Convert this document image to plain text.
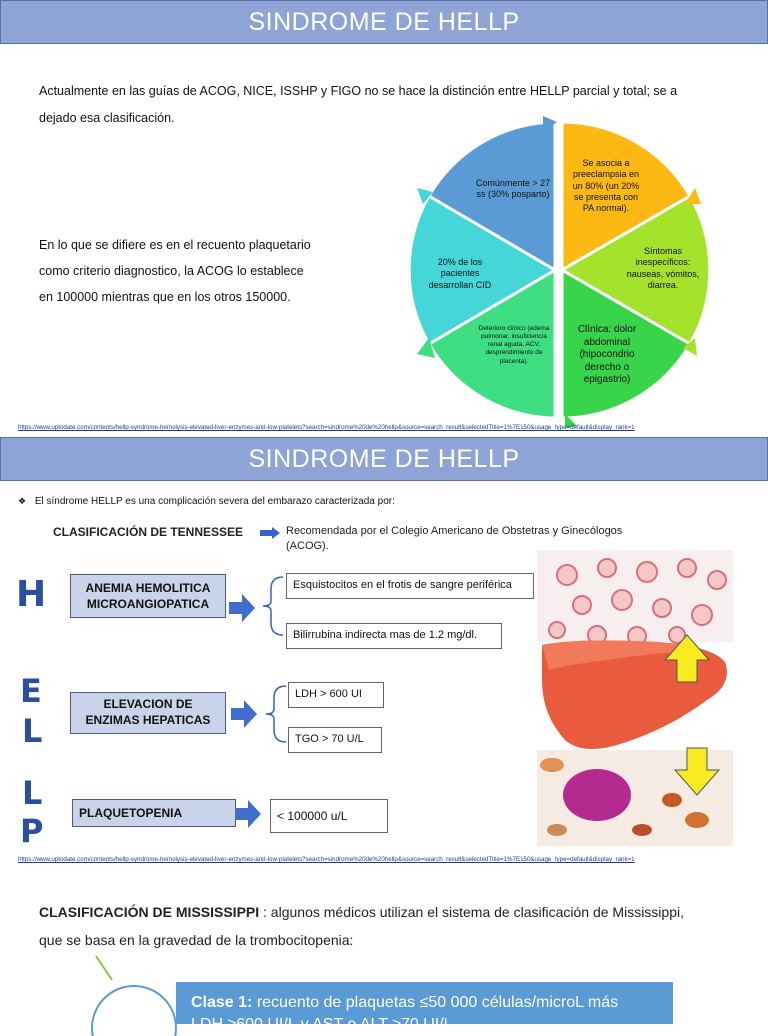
SINDROME DE HELLP
Actualmente en las guías de ACOG, NICE, ISSHP y FIGO no se hace la distinción entre HELLP parcial y total; se a
dejado esa clasificación.
En lo que se difiere es en el recuento plaquetario
como criterio diagnostico, la ACOG lo establece
en 100000 mientras que en los otros 150000.
Se asocia a preeclampsia en un 80% (un 20% se presenta con PA normal).
Síntomas inespecíficos: nauseas, vómitos, diarrea.
Clínica: dolor abdominal (hipocondrio derecho o epigastrio)
Deterioro clínico (edema pulmonar, insuficiencia renal aguda, ACV, desprendimiento de placenta).
20% de los pacientes desarrollan CID
Comúnmente > 27 ss (30% posparto)
https://www.uptodate.com/contents/hellp-syndrome-hemolysis-elevated-liver-enzymes-and-low-platelets?search=sindrome%20de%20hellp&source=search_result&selectedTitle=1%7E150&usage_type=default&display_rank=1
SINDROME DE HELLP
❖ El síndrome HELLP es una complicación severa del embarazo caracterizada por:
CLASIFICACIÓN DE TENNESSEE	Recomendada por el Colegio Americano de Obstetras y Ginecólogos
(ACOG).
H
E
L
L
P
ANEMIA HEMOLITICA
MICROANGIOPATICA
Esquistocitos en el frotis de sangre periférica
Bilirrubina indirecta mas de 1.2 mg/dl.
ELEVACION DE
ENZIMAS HEPATICAS
LDH > 600 UI
TGO > 70 U/L
PLAQUETOPENIA	< 100000 u/L
https://www.uptodate.com/contents/hellp-syndrome-hemolysis-elevated-liver-enzymes-and-low-platelets?search=sindrome%20de%20hellp&source=search_result&selectedTitle=1%7E150&usage_type=default&display_rank=1
CLASIFICACIÓN DE MISSISSIPPI : algunos médicos utilizan el sistema de clasificación de Mississippi,
que se basa en la gravedad de la trombocitopenia:
Clase 1: recuento de plaquetas ≤50 000 células/microL más
LDH ≥600 UI/L y AST o ALT ≥70 UI/L
